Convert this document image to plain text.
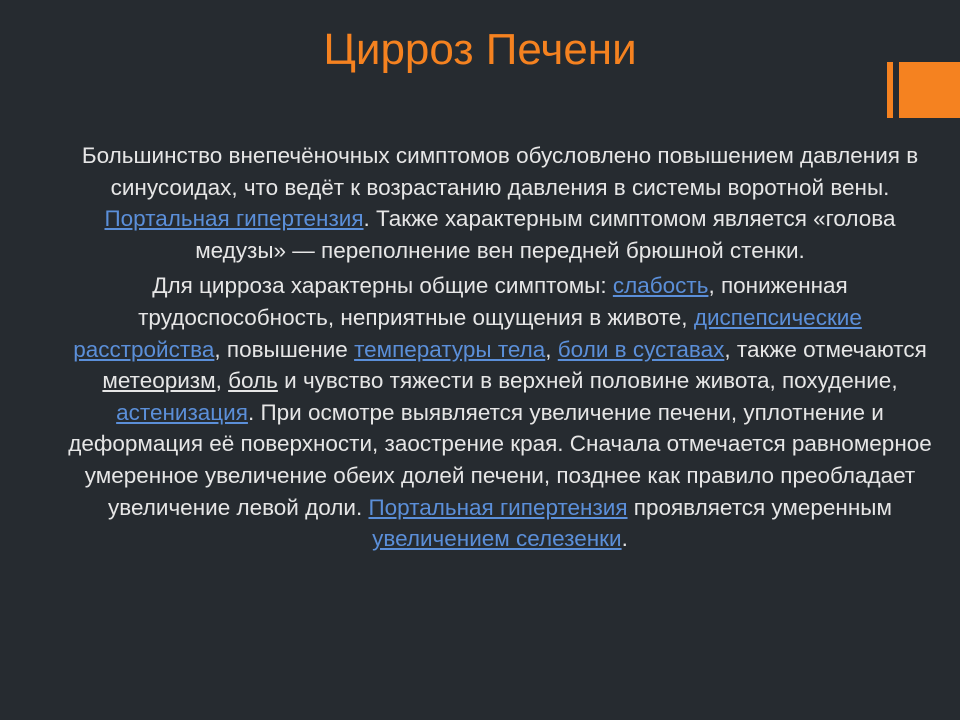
Цирроз Печени

Большинство внепечёночных симптомов обусловлено повышением давления в синусоидах, что ведёт к возрастанию давления в системы воротной вены. Портальная гипертензия. Также характерным симптомом является «голова медузы» — переполнение вен передней брюшной стенки.

Для цирроза характерны общие симптомы: слабость, пониженная трудоспособность, неприятные ощущения в животе, диспепсические расстройства, повышение температуры тела, боли в суставах, также отмечаются метеоризм, боль и чувство тяжести в верхней половине живота, похудение, астенизация. При осмотре выявляется увеличение печени, уплотнение и деформация её поверхности, заострение края. Сначала отмечается равномерное умеренное увеличение обеих долей печени, позднее как правило преобладает увеличение левой доли. Портальная гипертензия проявляется умеренным увеличением селезенки.
